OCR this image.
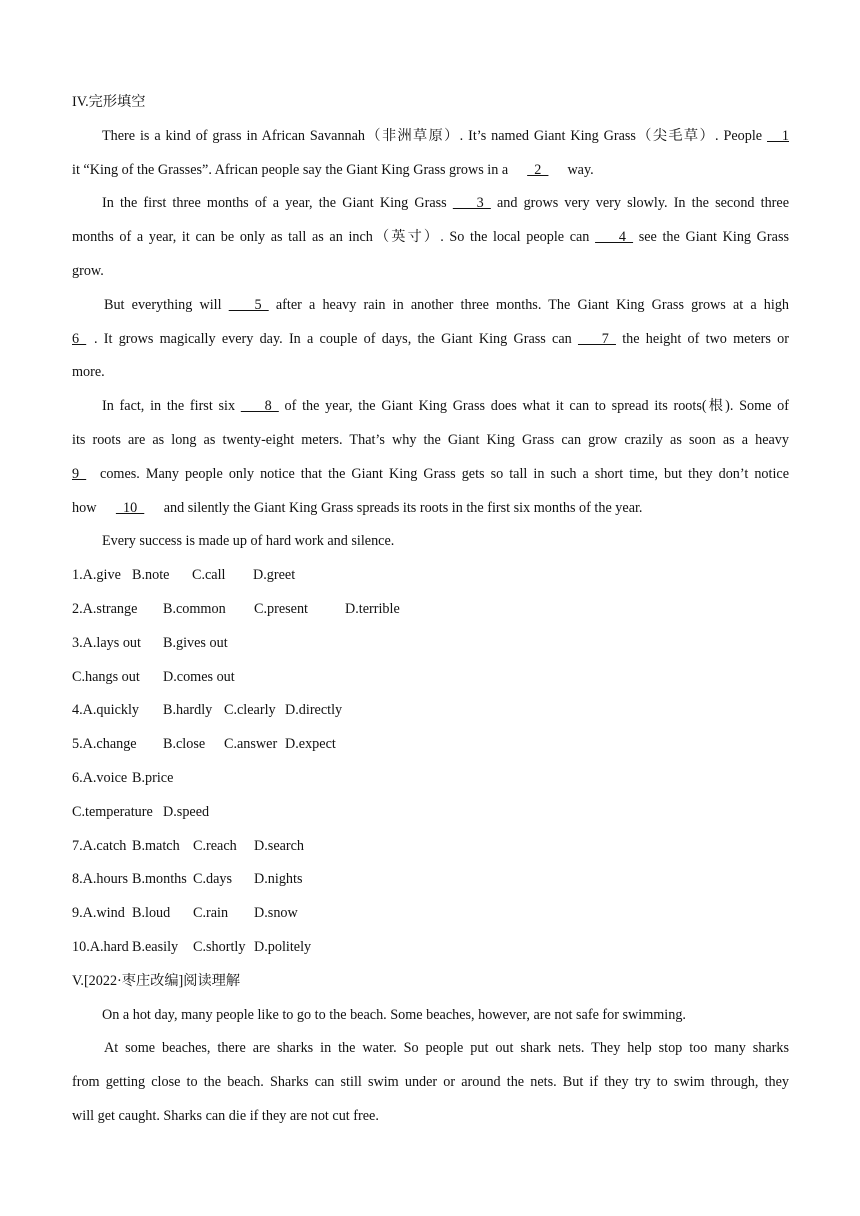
IV.完形填空
There is a kind of grass in African Savannah（非洲草原）. It’s named Giant King Grass（尖毛草）. People   1
it “King of the Grasses”. African people say the Giant King Grass grows in a     2     way.
In the first three months of a year, the Giant King Grass   3   and grows very very slowly. In the second three
months of a year, it can be only as tall as an inch（英寸）. So the local people can   4   see the Giant King Grass
grow.
But everything will   5   after a heavy rain in another three months. The Giant King Grass grows at a high
6  . It grows magically every day. In a couple of days, the Giant King Grass can   7   the height of two meters or
more.
In fact, in the first six   8   of the year, the Giant King Grass does what it can to spread its roots(根). Some of
its roots are as long as twenty-eight meters. That’s why the Giant King Grass can grow crazily as soon as a heavy
9   comes. Many people only notice that the Giant King Grass gets so tall in such a short time, but they don’t notice
how     10     and silently the Giant King Grass spreads its roots in the first six months of the year.
Every success is made up of hard work and silence.
1.A.give B.note C.call D.greet
2.A.strange B.common C.present	D.terrible
3.A.lays out B.gives out
C.hangs out D.comes out
4.A.quickly B.hardly C.clearly D.directly
5.A.change B.close C.answer D.expect
6.A.voice B.price
C.temperature D.speed
7.A.catch B.match C.reach D.search
8.A.hours B.months C.days D.nights
9.A.wind B.loud C.rain D.snow
10.A.hard B.easily C.shortly D.politely
V.[2022·枣庄改编]阅读理解
On a hot day, many people like to go to the beach. Some beaches, however, are not safe for swimming.
At some beaches, there are sharks in the water. So people put out shark nets. They help stop too many sharks
from getting close to the beach. Sharks can still swim under or around the nets. But if they try to swim through, they
will get caught. Sharks can die if they are not cut free.
